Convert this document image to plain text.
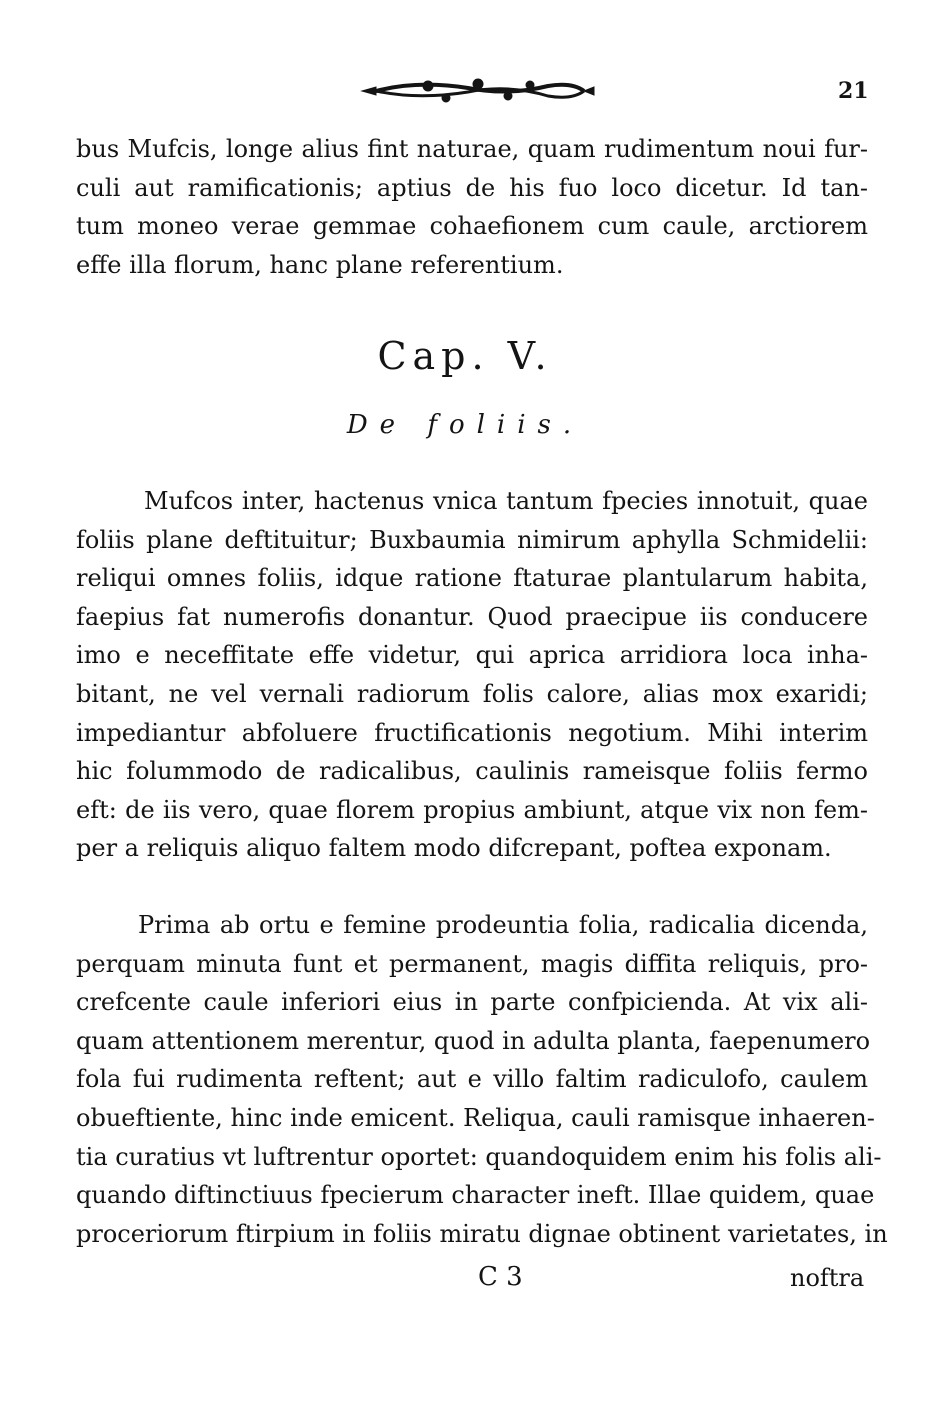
21
bus Mufcis, longe alius fint naturae, quam rudimentum noui fur-
culi aut ramificationis; aptius de his fuo loco dicetur. Id tan-
tum moneo verae gemmae cohaefionem cum caule, arctiorem
effe illa florum, hanc plane referentium.
Cap. V.
De foliis.
Mufcos inter, hactenus vnica tantum fpecies innotuit, quae
foliis plane deftituitur; Buxbaumia nimirum aphylla Schmidelii:
reliqui omnes foliis, idque ratione ftaturae plantularum habita,
faepius fat numerofis donantur. Quod praecipue iis conducere
imo e neceffitate effe videtur, qui aprica arridiora loca inha-
bitant, ne vel vernali radiorum folis calore, alias mox exaridi;
impediantur abfoluere fructificationis negotium. Mihi interim
hic folummodo de radicalibus, caulinis rameisque foliis fermo
eft: de iis vero, quae florem propius ambiunt, atque vix non fem-
per a reliquis aliquo faltem modo difcrepant, poftea exponam.
Prima ab ortu e femine prodeuntia folia, radicalia dicenda,
perquam minuta funt et permanent, magis diffita reliquis, pro-
crefcente caule inferiori eius in parte confpicienda. At vix ali-
quam attentionem merentur, quod in adulta planta, faepenumero
fola fui rudimenta reftent; aut e villo faltim radiculofo, caulem
obueftiente, hinc inde emicent. Reliqua, cauli ramisque inhaeren-
tia curatius vt luftrentur oportet: quandoquidem enim his folis ali-
quando diftinctiuus fpecierum character ineft. Illae quidem, quae
proceriorum ftirpium in foliis miratu dignae obtinent varietates, in
C 3	noftra
